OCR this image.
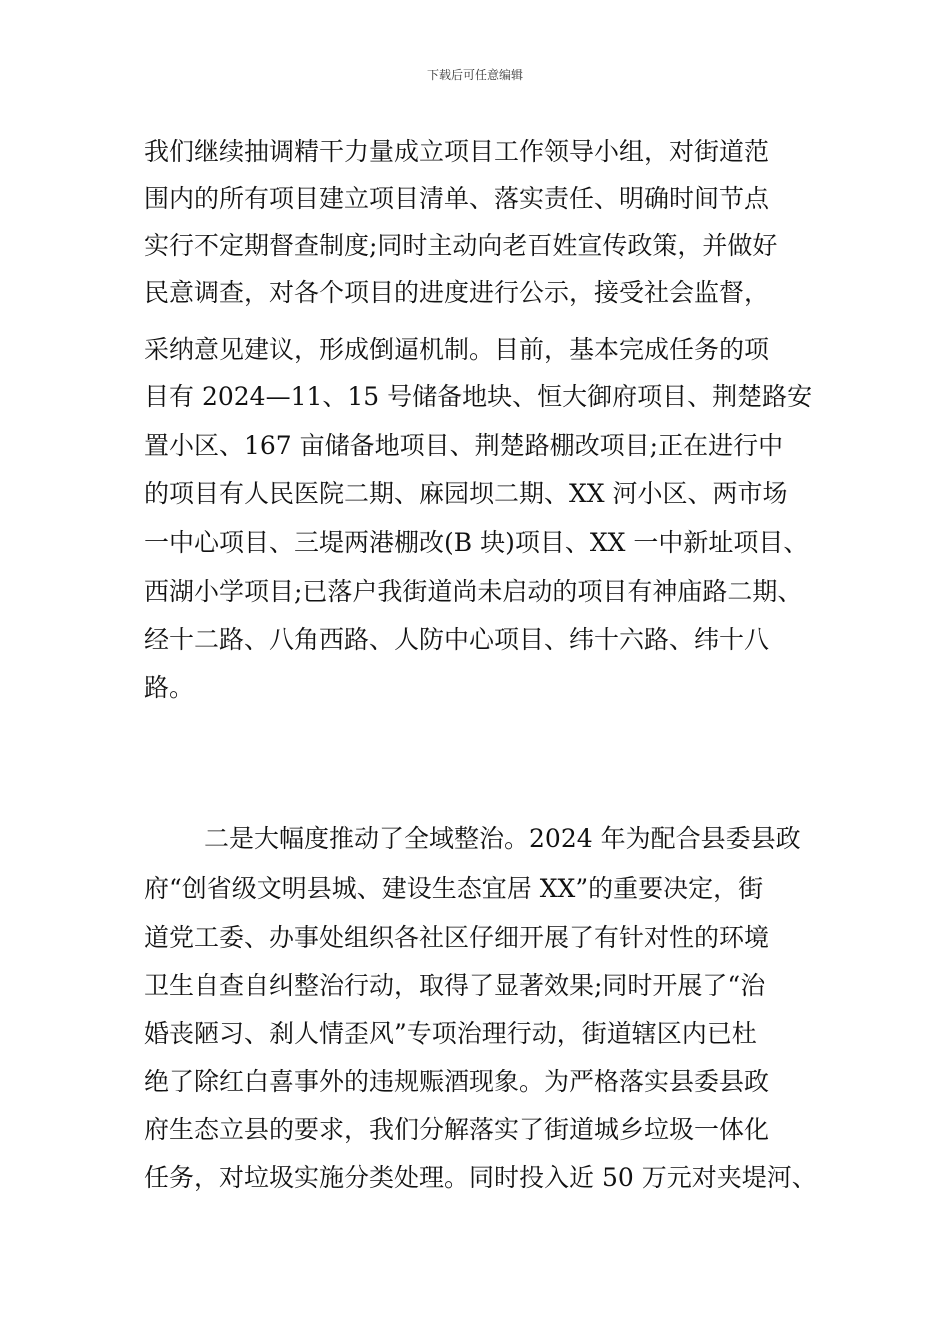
下载后可任意编辑

我们继续抽调精干力量成立项目工作领导小组，对街道范

围内的所有项目建立项目清单、落实责任、明确时间节点

实行不定期督查制度;同时主动向老百姓宣传政策，并做好

民意调查，对各个项目的进度进行公示，接受社会监督，

采纳意见建议，形成倒逼机制。目前，基本完成任务的项

目有 2024—11、15 号储备地块、恒大御府项目、荆楚路安

置小区、167 亩储备地项目、荆楚路棚改项目;正在进行中

的项目有人民医院二期、麻园坝二期、XX 河小区、两市场

一中心项目、三堤两港棚改(B 块)项目、XX 一中新址项目、

西湖小学项目;已落户我街道尚未启动的项目有神庙路二期、

经十二路、八角西路、人防中心项目、纬十六路、纬十八

路。

二是大幅度推动了全域整治。2024 年为配合县委县政

府“创省级文明县城、建设生态宜居 XX”的重要决定，街

道党工委、办事处组织各社区仔细开展了有针对性的环境

卫生自查自纠整治行动，取得了显著效果;同时开展了“治

婚丧陋习、刹人情歪风”专项治理行动，街道辖区内已杜

绝了除红白喜事外的违规赈酒现象。为严格落实县委县政

府生态立县的要求，我们分解落实了街道城乡垃圾一体化

任务，对垃圾实施分类处理。同时投入近 50 万元对夹堤河、
